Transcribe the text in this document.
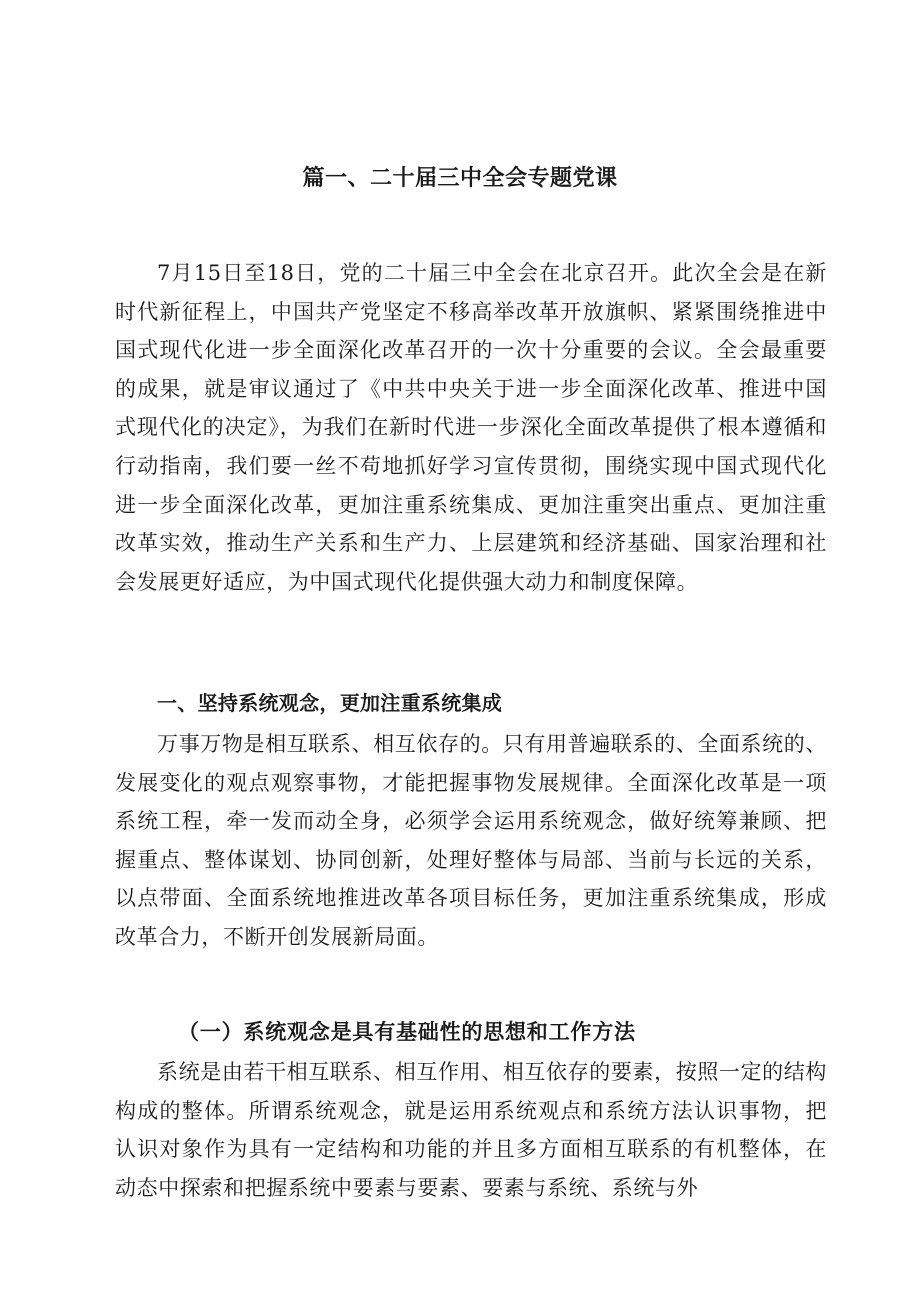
篇一、二十届三中全会专题党课

7月15日至18日，党的二十届三中全会在北京召开。此次全会是在新时代新征程上，中国共产党坚定不移高举改革开放旗帜、紧紧围绕推进中国式现代化进一步全面深化改革召开的一次十分重要的会议。全会最重要的成果，就是审议通过了《中共中央关于进一步全面深化改革、推进中国式现代化的决定》，为我们在新时代进一步深化全面改革提供了根本遵循和行动指南，我们要一丝不苟地抓好学习宣传贯彻，围绕实现中国式现代化进一步全面深化改革，更加注重系统集成、更加注重突出重点、更加注重改革实效，推动生产关系和生产力、上层建筑和经济基础、国家治理和社会发展更好适应，为中国式现代化提供强大动力和制度保障。

一、坚持系统观念，更加注重系统集成

万事万物是相互联系、相互依存的。只有用普遍联系的、全面系统的、发展变化的观点观察事物，才能把握事物发展规律。全面深化改革是一项系统工程，牵一发而动全身，必须学会运用系统观念，做好统筹兼顾、把握重点、整体谋划、协同创新，处理好整体与局部、当前与长远的关系，以点带面、全面系统地推进改革各项目标任务，更加注重系统集成，形成改革合力，不断开创发展新局面。

（一）系统观念是具有基础性的思想和工作方法

系统是由若干相互联系、相互作用、相互依存的要素，按照一定的结构构成的整体。所谓系统观念，就是运用系统观点和系统方法认识事物，把认识对象作为具有一定结构和功能的并且多方面相互联系的有机整体，在动态中探索和把握系统中要素与要素、要素与系统、系统与外
